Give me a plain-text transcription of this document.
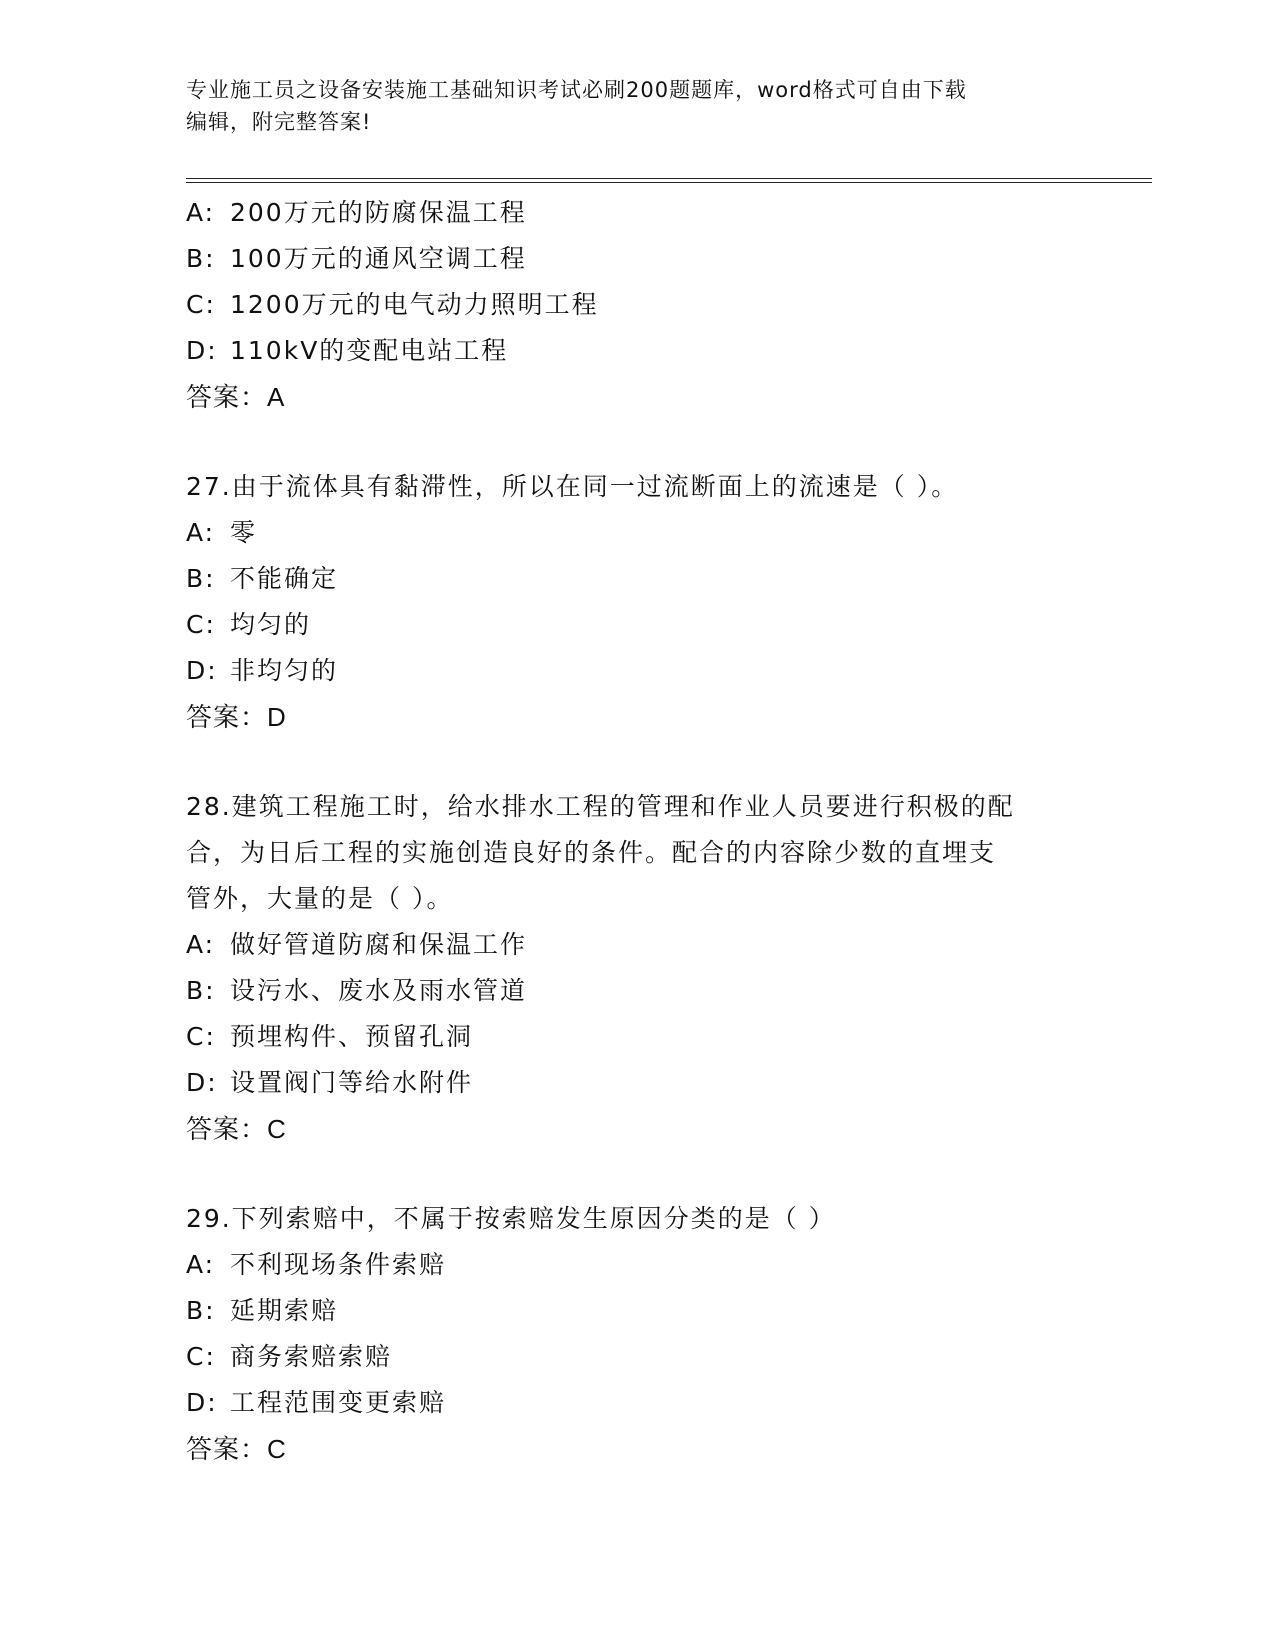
专业施工员之设备安装施工基础知识考试必刷200题题库，word格式可自由下载
编辑，附完整答案!
A: 200万元的防腐保温工程
B: 100万元的通风空调工程
C: 1200万元的电气动力照明工程
D: 110kV的变配电站工程
答案：A
27.由于流体具有黏滞性，所以在同一过流断面上的流速是（ ）。
A: 零
B: 不能确定
C: 均匀的
D: 非均匀的
答案：D
28.建筑工程施工时，给水排水工程的管理和作业人员要进行积极的配
合，为日后工程的实施创造良好的条件。配合的内容除少数的直埋支
管外，大量的是（ ）。
A: 做好管道防腐和保温工作
B: 设污水、废水及雨水管道
C: 预埋构件、预留孔洞
D: 设置阀门等给水附件
答案：C
29.下列索赔中，不属于按索赔发生原因分类的是（ ）
A: 不利现场条件索赔
B: 延期索赔
C: 商务索赔索赔
D: 工程范围变更索赔
答案：C
